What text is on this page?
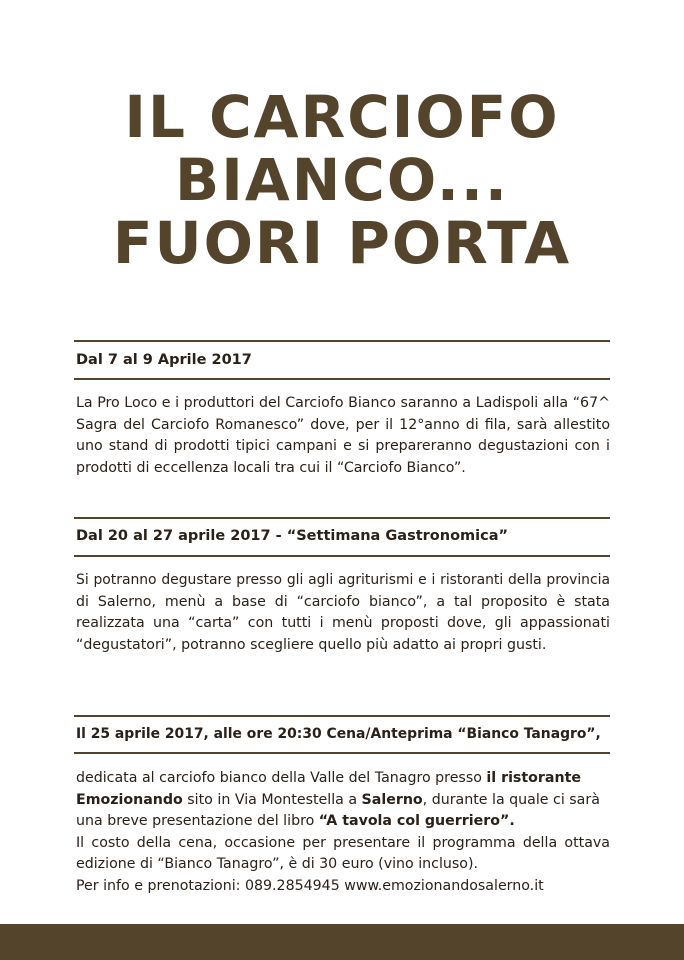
IL CARCIOFO
BIANCO...
FUORI PORTA
Dal 7 al 9 Aprile 2017
La Pro Loco e i produttori del Carciofo Bianco saranno a Ladispoli alla “67^
Sagra del Carciofo Romanesco” dove, per il 12°anno di fila, sarà allestito
uno stand di prodotti tipici campani e si prepareranno degustazioni con i
prodotti di eccellenza locali tra cui il “Carciofo Bianco”.
Dal 20 al 27 aprile 2017 - “Settimana Gastronomica”
Si potranno degustare presso gli agli agriturismi e i ristoranti della provincia
di Salerno, menù a base di “carciofo bianco”, a tal proposito è stata
realizzata una “carta” con tutti i menù proposti dove, gli appassionati
“degustatori”, potranno scegliere quello più adatto ai propri gusti.
Il 25 aprile 2017, alle ore 20:30 Cena/Anteprima “Bianco Tanagro”,
dedicata al carciofo bianco della Valle del Tanagro presso il ristorante
Emozionando sito in Via Montestella a Salerno, durante la quale ci sarà
una breve presentazione del libro “A tavola col guerriero”.
Il costo della cena, occasione per presentare il programma della ottava
edizione di “Bianco Tanagro”, è di 30 euro (vino incluso).
Per info e prenotazioni: 089.2854945 www.emozionandosalerno.it
